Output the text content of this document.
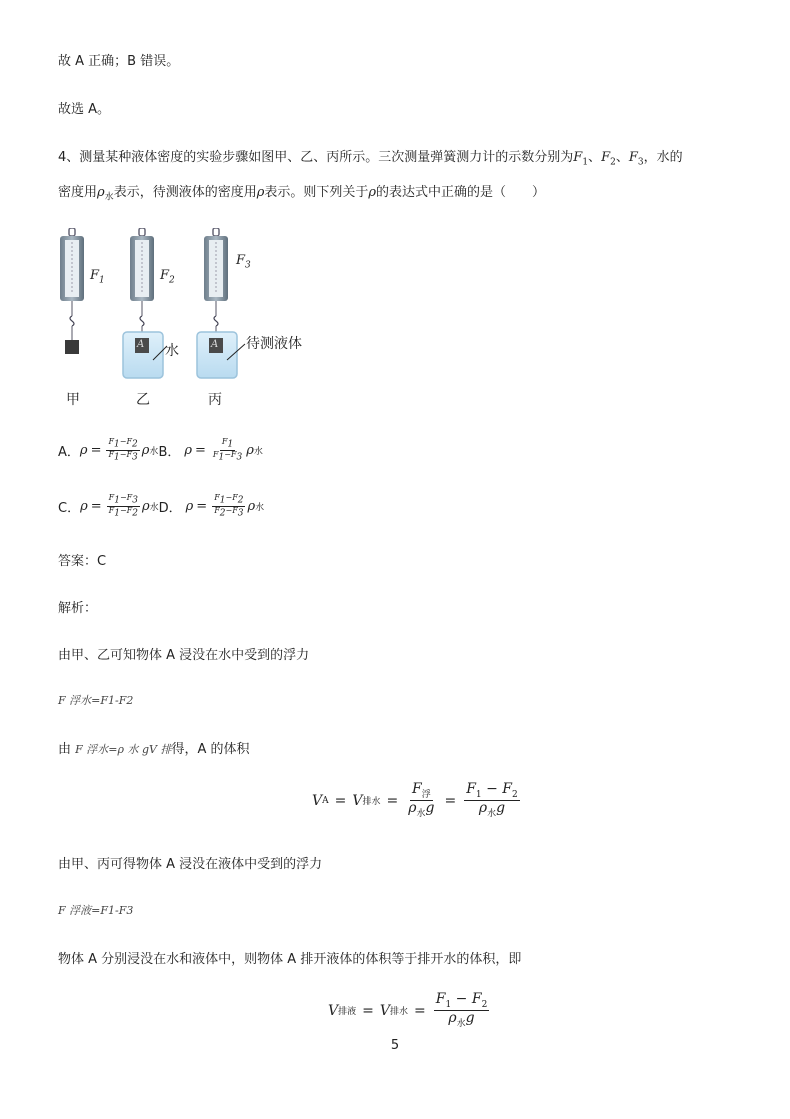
故 A 正确；B 错误。
故选 A。
4、测量某种液体密度的实验步骤如图甲、乙、丙所示。三次测量弹簧测力计的示数分别为$F_1$、$F_2$、$F_3$，水的
密度用$\rho_水$表示，待测液体的密度用ρ表示。则下列关于ρ的表达式中正确的是（　　）
$F_1$	$F_2$
$F_3$
水	待测液体
A	A
甲	乙	丙
A． $\rho = \frac{F_1-F_2}{F_1-F_3}$ ρ 水 B． $\rho = \frac{F_1}{F_1-F_3}$ ρ 水
C． $\rho = \frac{F_1-F_3}{F_1-F_2}$ ρ 水 D． $\rho = \frac{F_1-F_2}{F_2-F_3}$ ρ 水
答案：C
解析：
由甲、乙可知物体 A 浸没在水中受到的浮力
F 浮水=F1-F2
由 F 浮水=ρ 水 gV 排得，A 的体积
V A = V 排水 = $\frac{F_浮}{\rho_水g} = \frac{F_1 - F_2}{\rho_水g}$
由甲、丙可得物体 A 浸没在液体中受到的浮力
F 浮液=F1-F3
物体 A 分别浸没在水和液体中，则物体 A 排开液体的体积等于排开水的体积，即
V 排液 = V 排水 = $\frac{F_1 - F_2}{\rho_水g}$
5
